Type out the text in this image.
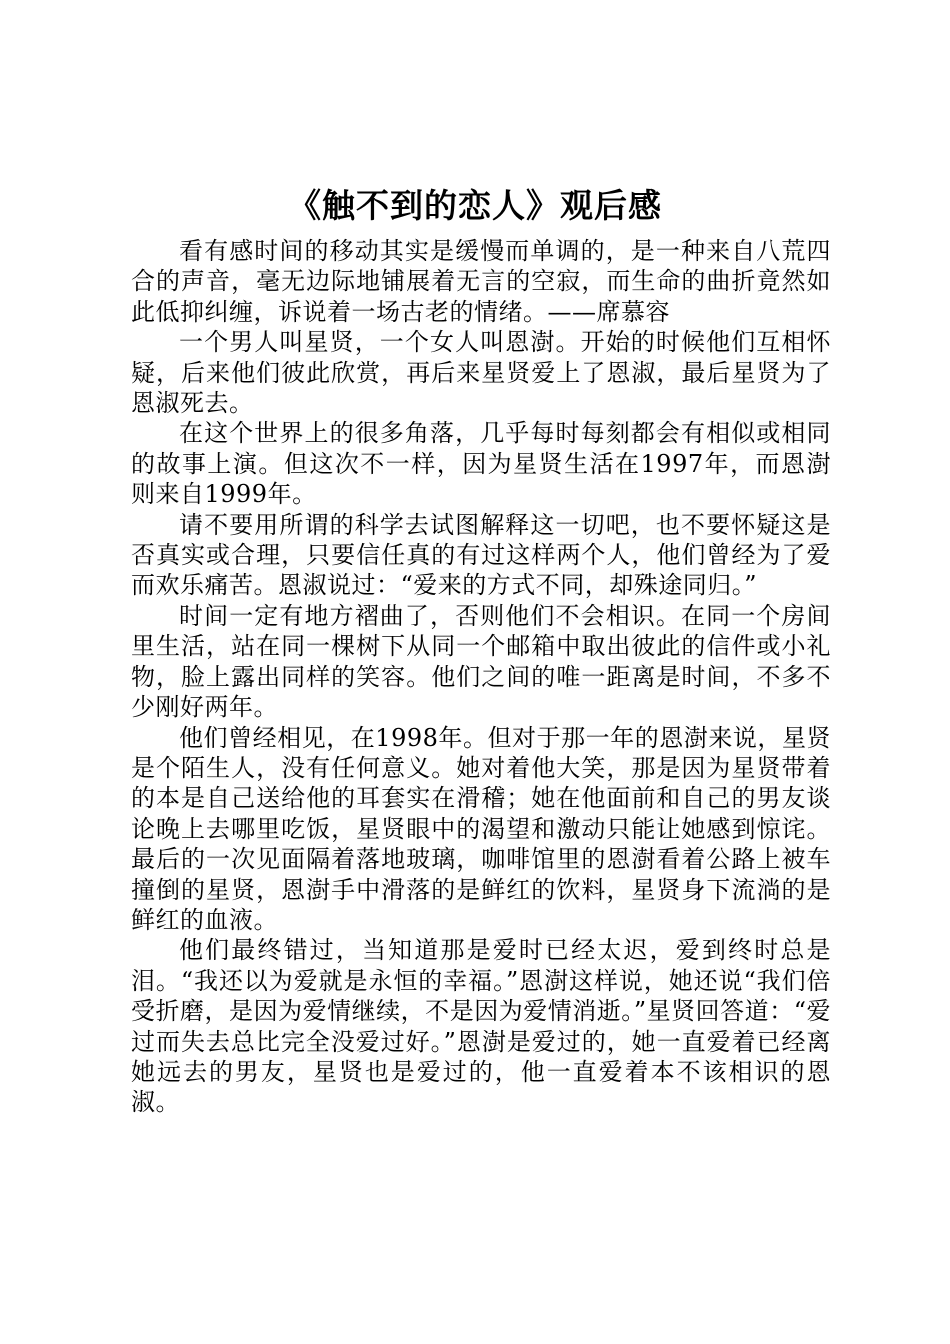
《触不到的恋人》观后感

看有感时间的移动其实是缓慢而单调的，是一种来自八荒四合的声音，毫无边际地铺展着无言的空寂，而生命的曲折竟然如此低抑纠缠，诉说着一场古老的情绪。——席慕容

一个男人叫星贤，一个女人叫恩澍。开始的时候他们互相怀疑，后来他们彼此欣赏，再后来星贤爱上了恩淑，最后星贤为了恩淑死去。

在这个世界上的很多角落，几乎每时每刻都会有相似或相同的故事上演。但这次不一样，因为星贤生活在1997年，而恩澍则来自1999年。

请不要用所谓的科学去试图解释这一切吧，也不要怀疑这是否真实或合理，只要信任真的有过这样两个人，他们曾经为了爱而欢乐痛苦。恩淑说过：“爱来的方式不同，却殊途同归。”

时间一定有地方褶曲了，否则他们不会相识。在同一个房间里生活，站在同一棵树下从同一个邮箱中取出彼此的信件或小礼物，脸上露出同样的笑容。他们之间的唯一距离是时间，不多不少刚好两年。

他们曾经相见，在1998年。但对于那一年的恩澍来说，星贤是个陌生人，没有任何意义。她对着他大笑，那是因为星贤带着的本是自己送给他的耳套实在滑稽；她在他面前和自己的男友谈论晚上去哪里吃饭，星贤眼中的渴望和激动只能让她感到惊诧。最后的一次见面隔着落地玻璃，咖啡馆里的恩澍看着公路上被车撞倒的星贤，恩澍手中滑落的是鲜红的饮料，星贤身下流淌的是鲜红的血液。

他们最终错过，当知道那是爱时已经太迟，爱到终时总是泪。“我还以为爱就是永恒的幸福。”恩澍这样说，她还说“我们倍受折磨，是因为爱情继续，不是因为爱情消逝。”星贤回答道：“爱过而失去总比完全没爱过好。”恩澍是爱过的，她一直爱着已经离她远去的男友，星贤也是爱过的，他一直爱着本不该相识的恩淑。
